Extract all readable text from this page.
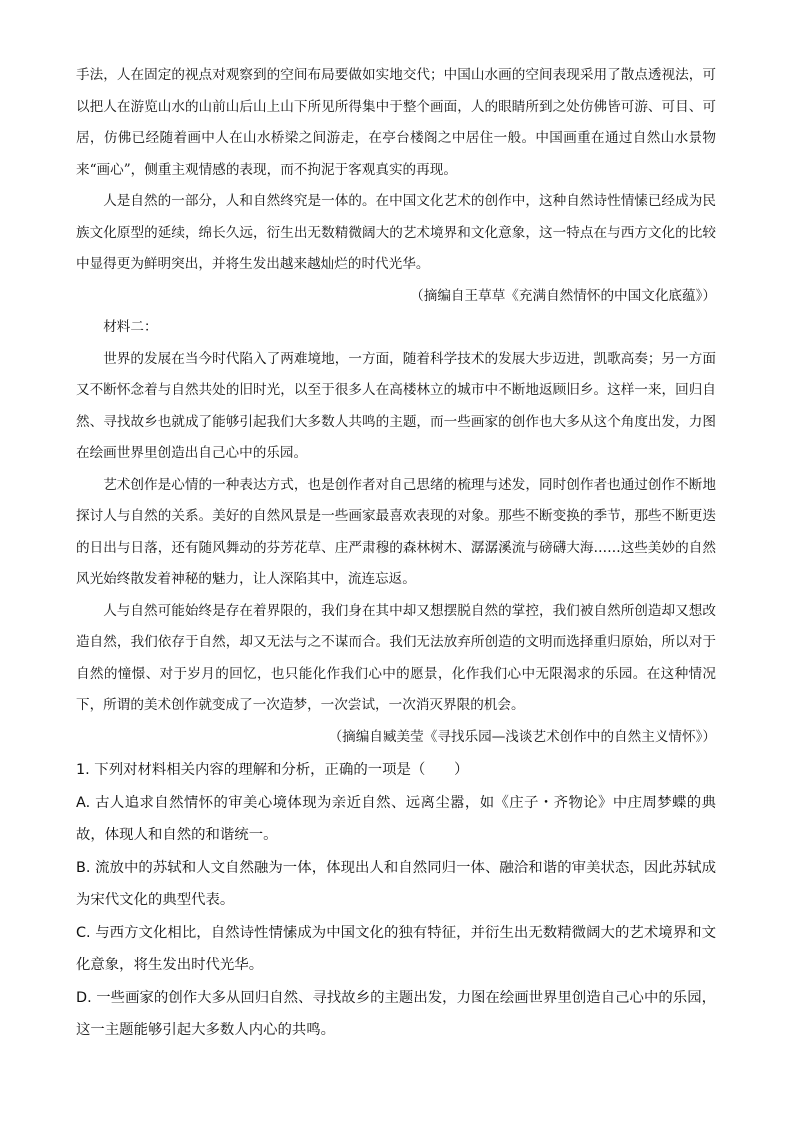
手法，人在固定的视点对观察到的空间布局要做如实地交代；中国山水画的空间表现采用了散点透视法，可以把人在游览山水的山前山后山上山下所见所得集中于整个画面，人的眼睛所到之处仿佛皆可游、可目、可居，仿佛已经随着画中人在山水桥梁之间游走，在亭台楼阁之中居住一般。中国画重在通过自然山水景物来“画心”，侧重主观情感的表现，而不拘泥于客观真实的再现。

人是自然的一部分，人和自然终究是一体的。在中国文化艺术的创作中，这种自然诗性情愫已经成为民族文化原型的延续，绵长久远，衍生出无数精微阔大的艺术境界和文化意象，这一特点在与西方文化的比较中显得更为鲜明突出，并将生发出越来越灿烂的时代光华。

（摘编自王草草《充满自然情怀的中国文化底蕴》）

材料二：

世界的发展在当今时代陷入了两难境地，一方面，随着科学技术的发展大步迈进，凯歌高奏；另一方面又不断怀念着与自然共处的旧时光，以至于很多人在高楼林立的城市中不断地返顾旧乡。这样一来，回归自然、寻找故乡也就成了能够引起我们大多数人共鸣的主题，而一些画家的创作也大多从这个角度出发，力图在绘画世界里创造出自己心中的乐园。

艺术创作是心情的一种表达方式，也是创作者对自己思绪的梳理与述发，同时创作者也通过创作不断地探讨人与自然的关系。美好的自然风景是一些画家最喜欢表现的对象。那些不断变换的季节，那些不断更迭的日出与日落，还有随风舞动的芬芳花草、庄严肃穆的森林树木、潺潺溪流与磅礴大海……这些美妙的自然风光始终散发着神秘的魅力，让人深陷其中，流连忘返。

人与自然可能始终是存在着界限的，我们身在其中却又想摆脱自然的掌控，我们被自然所创造却又想改造自然，我们依存于自然，却又无法与之不谋而合。我们无法放弃所创造的文明而选择重归原始，所以对于自然的憧憬、对于岁月的回忆，也只能化作我们心中的愿景，化作我们心中无限渴求的乐园。在这种情况下，所谓的美术创作就变成了一次造梦，一次尝试，一次消灭界限的机会。

（摘编自臧美莹《寻找乐园—浅谈艺术创作中的自然主义情怀》）

1. 下列对材料相关内容的理解和分析，正确的一项是（　　）

A. 古人追求自然情怀的审美心境体现为亲近自然、远离尘嚣，如《庄子・齐物论》中庄周梦蝶的典故，体现人和自然的和谐统一。

B. 流放中的苏轼和人文自然融为一体，体现出人和自然同归一体、融洽和谐的审美状态，因此苏轼成为宋代文化的典型代表。

C. 与西方文化相比，自然诗性情愫成为中国文化的独有特征，并衍生出无数精微阔大的艺术境界和文化意象，将生发出时代光华。

D. 一些画家的创作大多从回归自然、寻找故乡的主题出发，力图在绘画世界里创造自己心中的乐园，这一主题能够引起大多数人内心的共鸣。
